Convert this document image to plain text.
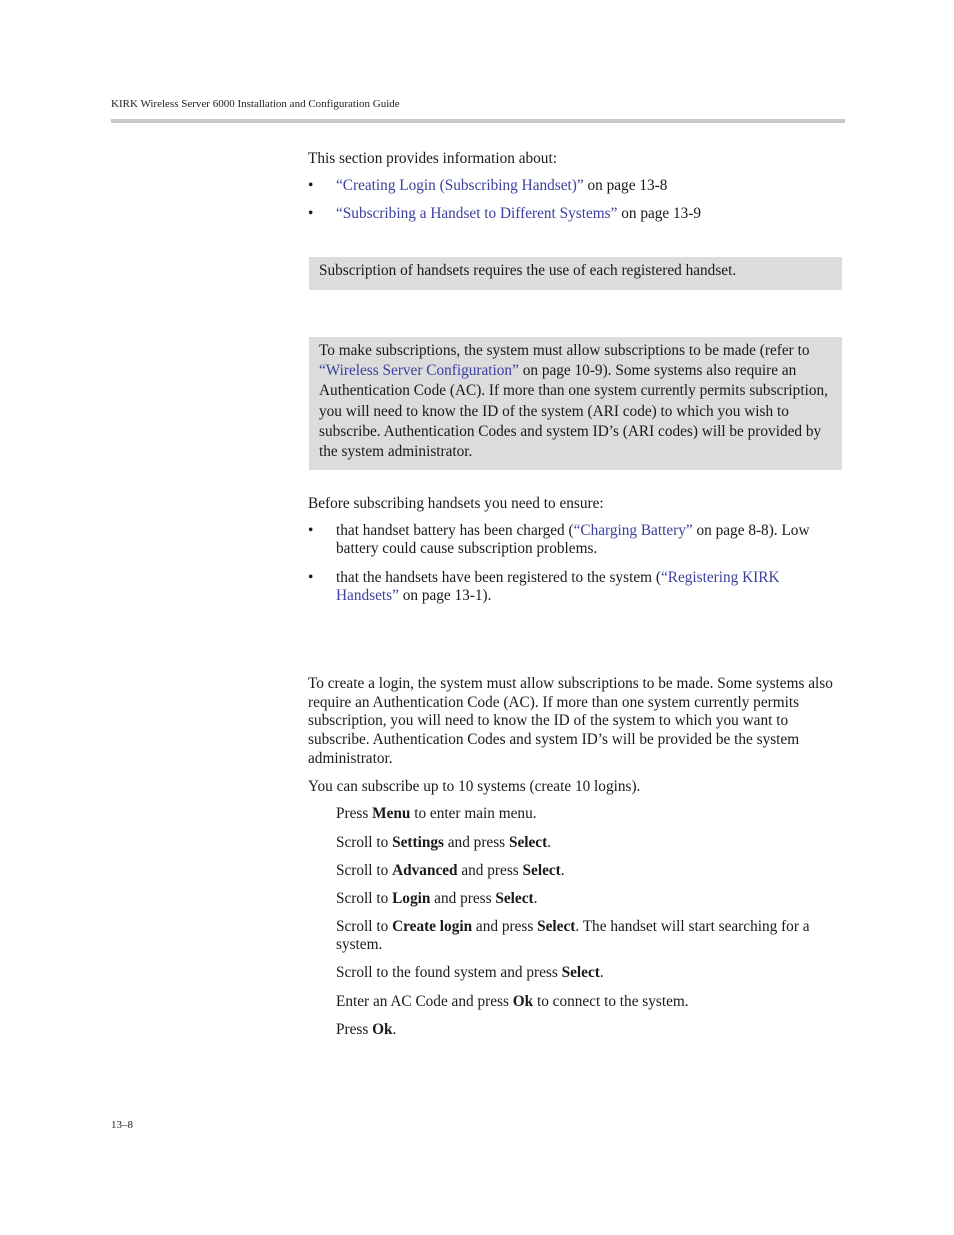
KIRK Wireless Server 6000 Installation and Configuration Guide
This section provides information about:
•	“Creating Login (Subscribing Handset)” on page 13-8
•	“Subscribing a Handset to Different Systems” on page 13-9
Subscription of handsets requires the use of each registered handset.
To make subscriptions, the system must allow subscriptions to be made (refer to “Wireless Server Configuration” on page 10-9). Some systems also require an Authentication Code (AC). If more than one system currently permits subscription, you will need to know the ID of the system (ARI code) to which you wish to subscribe. Authentication Codes and system ID’s (ARI codes) will be provided by the system administrator.
Before subscribing handsets you need to ensure:
•	that handset battery has been charged (“Charging Battery” on page 8-8). Low battery could cause subscription problems.
•	that the handsets have been registered to the system (“Registering KIRK Handsets” on page 13-1).
To create a login, the system must allow subscriptions to be made. Some systems also require an Authentication Code (AC). If more than one system currently permits subscription, you will need to know the ID of the system to which you want to subscribe. Authentication Codes and system ID’s will be provided be the system administrator.
You can subscribe up to 10 systems (create 10 logins).
Press Menu to enter main menu.
Scroll to Settings and press Select.
Scroll to Advanced and press Select.
Scroll to Login and press Select.
Scroll to Create login and press Select. The handset will start searching for a system.
Scroll to the found system and press Select.
Enter an AC Code and press Ok to connect to the system.
Press Ok.
13–8
